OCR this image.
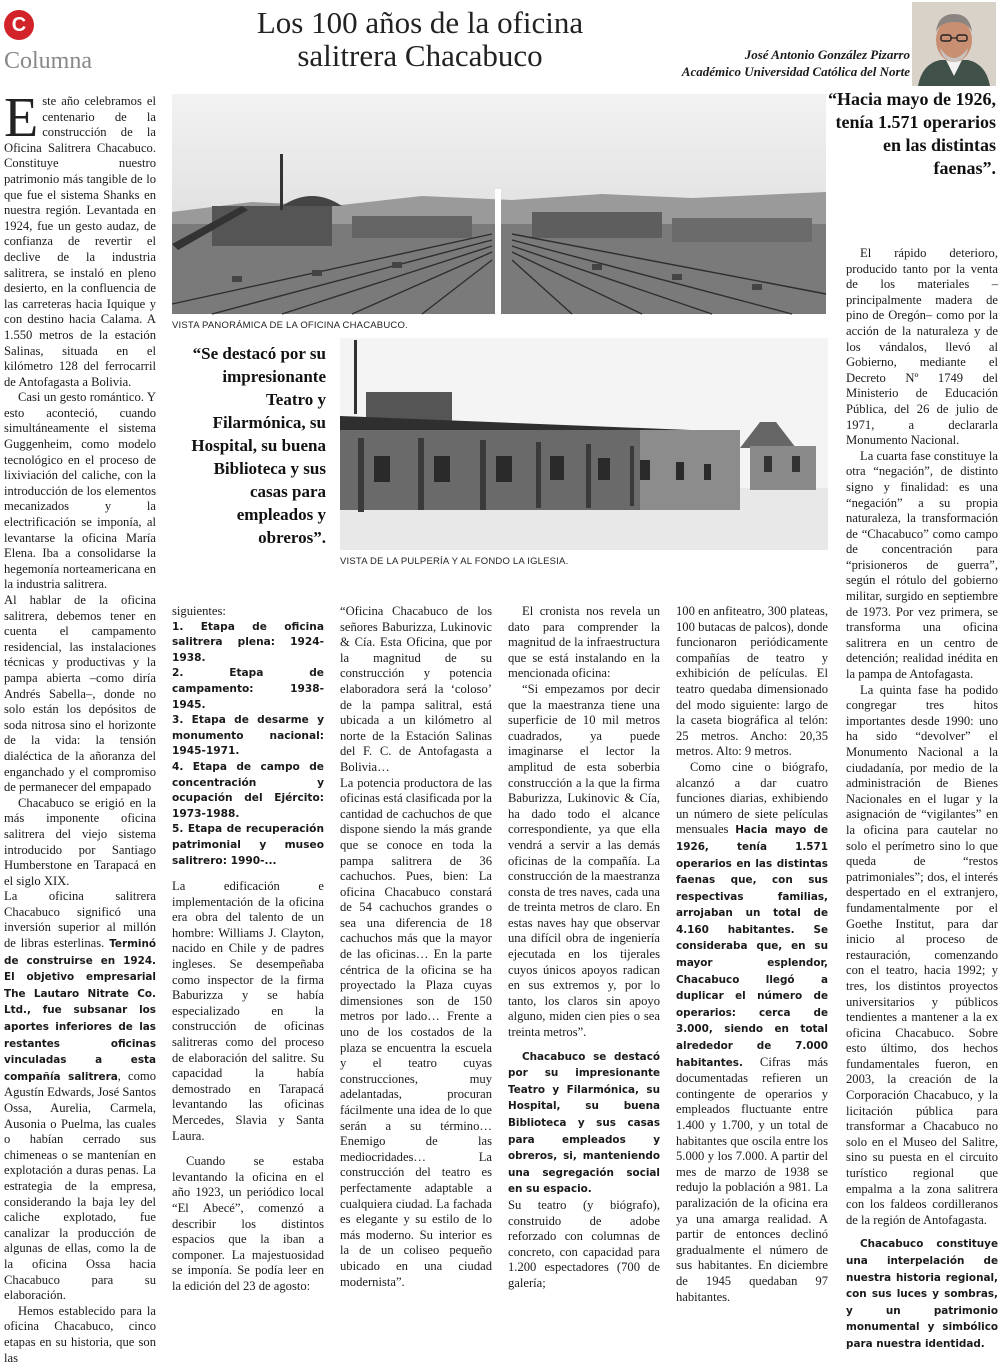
C
Columna
Los 100 años de la oficina
salitrera Chacabuco	José Antonio González Pizarro
Académico Universidad Católica del Norte
“Hacia mayo de 1926, tenía 1.571 operarios en las distintas faenas”.
VISTA PANORÁMICA DE LA OFICINA CHACABUCO.
VISTA DE LA PULPERÍA Y AL FONDO LA IGLESIA.
“Se destacó por su impresionante Teatro y Filarmónica, su Hospital, su buena Biblioteca y sus casas para empleados y obreros”.

Este año celebramos el centenario de la construcción de la Oficina Salitrera Chacabuco. Constituye nuestro patrimonio más tangible de lo que fue el sistema Shanks en nuestra región. Levantada en 1924, fue un gesto audaz, de confianza de revertir el declive de la industria salitrera, se instaló en pleno desierto, en la confluencia de las carreteras hacia Iquique y con destino hacia Calama. A 1.550 metros de la estación Salinas, situada en el kilómetro 128 del ferrocarril de Antofagasta a Bolivia.

Casi un gesto romántico. Y esto aconteció, cuando simultáneamente el sistema Guggenheim, como modelo tecnológico en el proceso de lixiviación del caliche, con la introducción de los elementos mecanizados y la electrificación se imponía, al levantarse la oficina María Elena. Iba a consolidarse la hegemonía norteamericana en la industria salitrera.

Al hablar de la oficina salitrera, debemos tener en cuenta el campamento residencial, las instalaciones técnicas y productivas y la pampa abierta –como diría Andrés Sabella–, donde no solo están los depósitos de soda nitrosa sino el horizonte de la vida: la tensión dialéctica de la añoranza del enganchado y el compromiso de permanecer del empapado

Chacabuco se erigió en la más imponente oficina salitrera del viejo sistema introducido por Santiago Humberstone en Tarapacá en el siglo XIX.

La oficina salitrera Chacabuco significó una inversión superior al millón de libras esterlinas. Terminó de construirse en 1924. El objetivo empresarial The Lautaro Nitrate Co. Ltd., fue subsanar los aportes inferiores de las restantes oficinas vinculadas a esta compañía salitrera, como Agustín Edwards, José Santos Ossa, Aurelia, Carmela, Ausonia o Puelma, las cuales o habían cerrado sus chimeneas o se mantenían en explotación a duras penas. La estrategia de la empresa, considerando la baja ley del caliche explotado, fue canalizar la producción de algunas de ellas, como la de la oficina Ossa hacia Chacabuco para su elaboración.

Hemos establecido para la oficina Chacabuco, cinco etapas en su historia, que son las

siguientes:

1. Etapa de oficina salitrera plena: 1924-1938.
2. Etapa de campamento: 1938-1945.
3. Etapa de desarme y monumento nacional: 1945-1971.
4. Etapa de campo de concentración y ocupación del Ejército: 1973-1988.
5. Etapa de recuperación patrimonial y museo salitrero: 1990-...

La edificación e implementación de la oficina era obra del talento de un hombre: Williams J. Clayton, nacido en Chile y de padres ingleses. Se desempeñaba como inspector de la firma Baburizza y se había especializado en la construcción de oficinas salitreras como del proceso de elaboración del salitre. Su capacidad la había demostrado en Tarapacá levantando las oficinas Mercedes, Slavia y Santa Laura.

Cuando se estaba levantando la oficina en el año 1923, un periódico local “El Abecé”, comenzó a describir los distintos espacios que la iban a componer. La majestuosidad se imponía. Se podía leer en la edición del 23 de agosto:

“Oficina Chacabuco de los señores Baburizza, Lukinovic & Cía. Esta Oficina, que por la magnitud de su construcción y potencia elaboradora será la ‘coloso’ de la pampa salitral, está ubicada a un kilómetro al norte de la Estación Salinas del F. C. de Antofagasta a Bolivia…

La potencia productora de las oficinas está clasificada por la cantidad de cachuchos de que dispone siendo la más grande que se conoce en toda la pampa salitrera de 36 cachuchos. Pues, bien: La oficina Chacabuco constará de 54 cachuchos grandes o sea una diferencia de 18 cachuchos más que la mayor de las oficinas… En la parte céntrica de la oficina se ha proyectado la Plaza cuyas dimensiones son de 150 metros por lado… Frente a uno de los costados de la plaza se encuentra la escuela y el teatro cuyas construcciones, muy adelantadas, procuran fácilmente una idea de lo que serán a su término… Enemigo de las mediocridades… La construcción del teatro es perfectamente adaptable a cualquiera ciudad. La fachada es elegante y su estilo de lo más moderno. Su interior es la de un coliseo pequeño ubicado en una ciudad modernista”.

El cronista nos revela un dato para comprender la magnitud de la infraestructura que se está instalando en la mencionada oficina:

“Si empezamos por decir que la maestranza tiene una superficie de 10 mil metros cuadrados, ya puede imaginarse el lector la amplitud de esta soberbia construcción a la que la firma Baburizza, Lukinovic & Cía, ha dado todo el alcance correspondiente, ya que ella vendrá a servir a las demás oficinas de la compañía. La construcción de la maestranza consta de tres naves, cada una de treinta metros de claro. En estas naves hay que observar una difícil obra de ingeniería ejecutada en los tijerales cuyos únicos apoyos radican en sus extremos y, por lo tanto, los claros sin apoyo alguno, miden cien pies o sea treinta metros”.

Chacabuco se destacó por su impresionante Teatro y Filarmónica, su Hospital, su buena Biblioteca y sus casas para empleados y obreros, si, manteniendo una segregación social en su espacio.

Su teatro (y biógrafo), construido de adobe reforzado con columnas de concreto, con capacidad para 1.200 espectadores (700 de galería;

100 en anfiteatro, 300 plateas, 100 butacas de palcos), donde funcionaron periódicamente compañías de teatro y exhibición de películas. El teatro quedaba dimensionado del modo siguiente: largo de la caseta biográfica al telón: 25 metros. Ancho: 20,35 metros. Alto: 9 metros.

Como cine o biógrafo, alcanzó a dar cuatro funciones diarias, exhibiendo un número de siete películas mensuales Hacia mayo de 1926, tenía 1.571 operarios en las distintas faenas que, con sus respectivas familias, arrojaban un total de 4.160 habitantes. Se consideraba que, en su mayor esplendor, Chacabuco llegó a duplicar el número de operarios: cerca de 3.000, siendo en total alrededor de 7.000 habitantes. Cifras más documentadas refieren un contingente de operarios y empleados fluctuante entre 1.400 y 1.700, y un total de habitantes que oscila entre los 5.000 y los 7.000. A partir del mes de marzo de 1938 se redujo la población a 981. La paralización de la oficina era ya una amarga realidad. A partir de entonces declinó gradualmente el número de sus habitantes. En diciembre de 1945 quedaban 97 habitantes.

El rápido deterioro, producido tanto por la venta de los materiales –principalmente madera de pino de Oregón– como por la acción de la naturaleza y de los vándalos, llevó al Gobierno, mediante el Decreto Nº 1749 del Ministerio de Educación Pública, del 26 de julio de 1971, a declararla Monumento Nacional.

La cuarta fase constituye la otra “negación”, de distinto signo y finalidad: es una “negación” a su propia naturaleza, la transformación de “Chacabuco” como campo de concentración para “prisioneros de guerra”, según el rótulo del gobierno militar, surgido en septiembre de 1973. Por vez primera, se transforma una oficina salitrera en un centro de detención; realidad inédita en la pampa de Antofagasta.

La quinta fase ha podido congregar tres hitos importantes desde 1990: uno ha sido “devolver” el Monumento Nacional a la ciudadanía, por medio de la administración de Bienes Nacionales en el lugar y la asignación de “vigilantes” en la oficina para cautelar no solo el perímetro sino lo que queda de “restos patrimoniales”; dos, el interés despertado en el extranjero, fundamentalmente por el Goethe Institut, para dar inicio al proceso de restauración, comenzando con el teatro, hacia 1992; y tres, los distintos proyectos universitarios y públicos tendientes a mantener a la ex oficina Chacabuco. Sobre esto último, dos hechos fundamentales fueron, en 2003, la creación de la Corporación Chacabuco, y la licitación pública para transformar a Chacabuco no solo en el Museo del Salitre, sino su puesta en el circuito turístico regional que empalma a la zona salitrera con los faldeos cordilleranos de la región de Antofagasta.

Chacabuco constituye una interpelación de nuestra historia regional, con sus luces y sombras, y un patrimonio monumental y simbólico para nuestra identidad.
